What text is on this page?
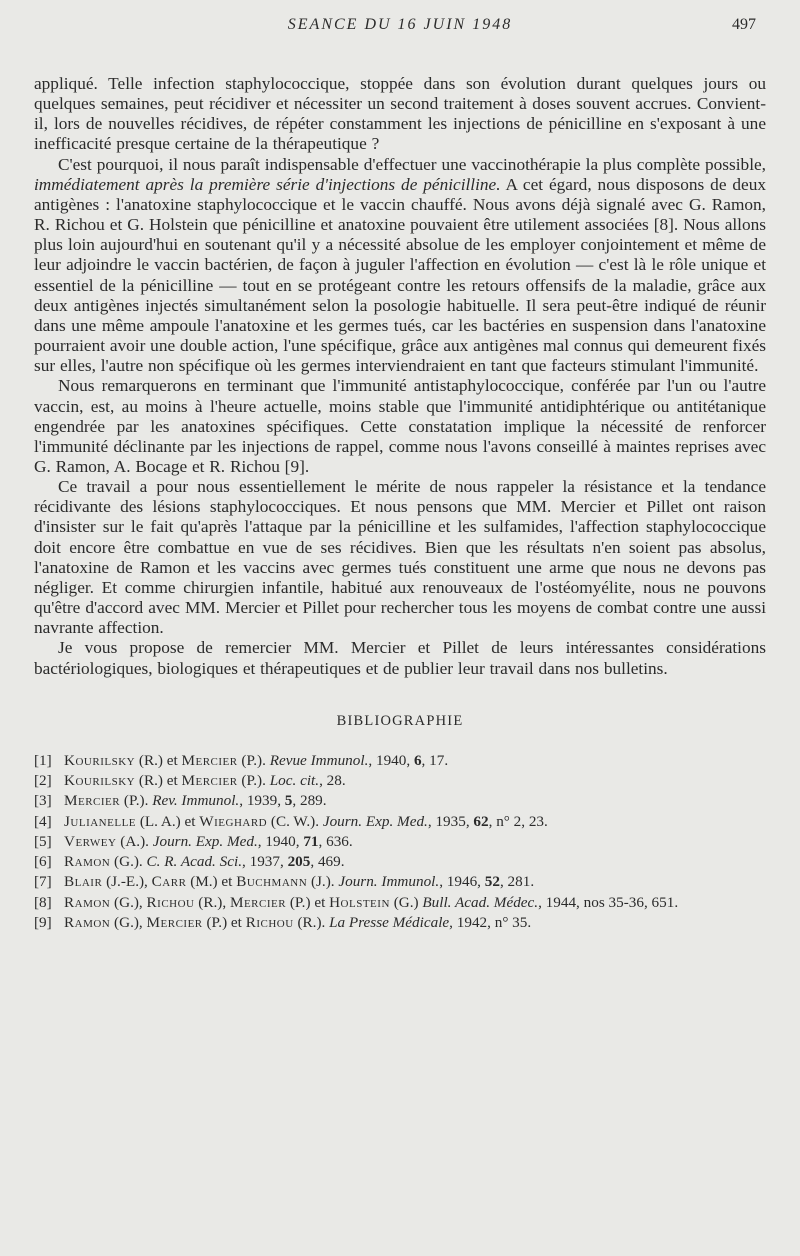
SEANCE DU 16 JUIN 1948	497

appliqué. Telle infection staphylococcique, stoppée dans son évolution durant quelques jours ou quelques semaines, peut récidiver et nécessiter un second traitement à doses souvent accrues. Convient-il, lors de nouvelles récidives, de répéter constamment les injections de pénicilline en s'exposant à une inefficacité presque certaine de la thérapeutique ?

C'est pourquoi, il nous paraît indispensable d'effectuer une vaccinothérapie la plus complète possible, immédiatement après la première série d'injections de pénicilline. A cet égard, nous disposons de deux antigènes : l'anatoxine staphylococcique et le vaccin chauffé. Nous avons déjà signalé avec G. Ramon, R. Richou et G. Holstein que pénicilline et anatoxine pouvaient être utilement associées [8]. Nous allons plus loin aujourd'hui en soutenant qu'il y a nécessité absolue de les employer conjointement et même de leur adjoindre le vaccin bactérien, de façon à juguler l'affection en évolution — c'est là le rôle unique et essentiel de la pénicilline — tout en se protégeant contre les retours offensifs de la maladie, grâce aux deux antigènes injectés simultanément selon la posologie habituelle. Il sera peut-être indiqué de réunir dans une même ampoule l'anatoxine et les germes tués, car les bactéries en suspension dans l'anatoxine pourraient avoir une double action, l'une spécifique, grâce aux antigènes mal connus qui demeurent fixés sur elles, l'autre non spécifique où les germes interviendraient en tant que facteurs stimulant l'immunité.

Nous remarquerons en terminant que l'immunité antistaphylococcique, conférée par l'un ou l'autre vaccin, est, au moins à l'heure actuelle, moins stable que l'immunité antidiphtérique ou antitétanique engendrée par les anatoxines spécifiques. Cette constatation implique la nécessité de renforcer l'immunité déclinante par les injections de rappel, comme nous l'avons conseillé à maintes reprises avec G. Ramon, A. Bocage et R. Richou [9].

Ce travail a pour nous essentiellement le mérite de nous rappeler la résistance et la tendance récidivante des lésions staphylococciques. Et nous pensons que MM. Mercier et Pillet ont raison d'insister sur le fait qu'après l'attaque par la pénicilline et les sulfamides, l'affection staphylococcique doit encore être combattue en vue de ses récidives. Bien que les résultats n'en soient pas absolus, l'anatoxine de Ramon et les vaccins avec germes tués constituent une arme que nous ne devons pas négliger. Et comme chirurgien infantile, habitué aux renouveaux de l'ostéomyélite, nous ne pouvons qu'être d'accord avec MM. Mercier et Pillet pour rechercher tous les moyens de combat contre une aussi navrante affection.

Je vous propose de remercier MM. Mercier et Pillet de leurs intéressantes considérations bactériologiques, biologiques et thérapeutiques et de publier leur travail dans nos bulletins.

BIBLIOGRAPHIE
[1] Kourilsky (R.) et Mercier (P.). Revue Immunol., 1940, 6, 17.
[2] Kourilsky (R.) et Mercier (P.). Loc. cit., 28.
[3] Mercier (P.). Rev. Immunol., 1939, 5, 289.
[4] Julianelle (L. A.) et Wieghard (C. W.). Journ. Exp. Med., 1935, 62, n° 2, 23.
[5] Verwey (A.). Journ. Exp. Med., 1940, 71, 636.
[6] Ramon (G.). C. R. Acad. Sci., 1937, 205, 469.
[7] Blair (J.-E.), Carr (M.) et Buchmann (J.). Journ. Immunol., 1946, 52, 281.
[8] Ramon (G.), Richou (R.), Mercier (P.) et Holstein (G.) Bull. Acad. Médec., 1944, nos 35-36, 651.
[9] Ramon (G.), Mercier (P.) et Richou (R.). La Presse Médicale, 1942, n° 35.
